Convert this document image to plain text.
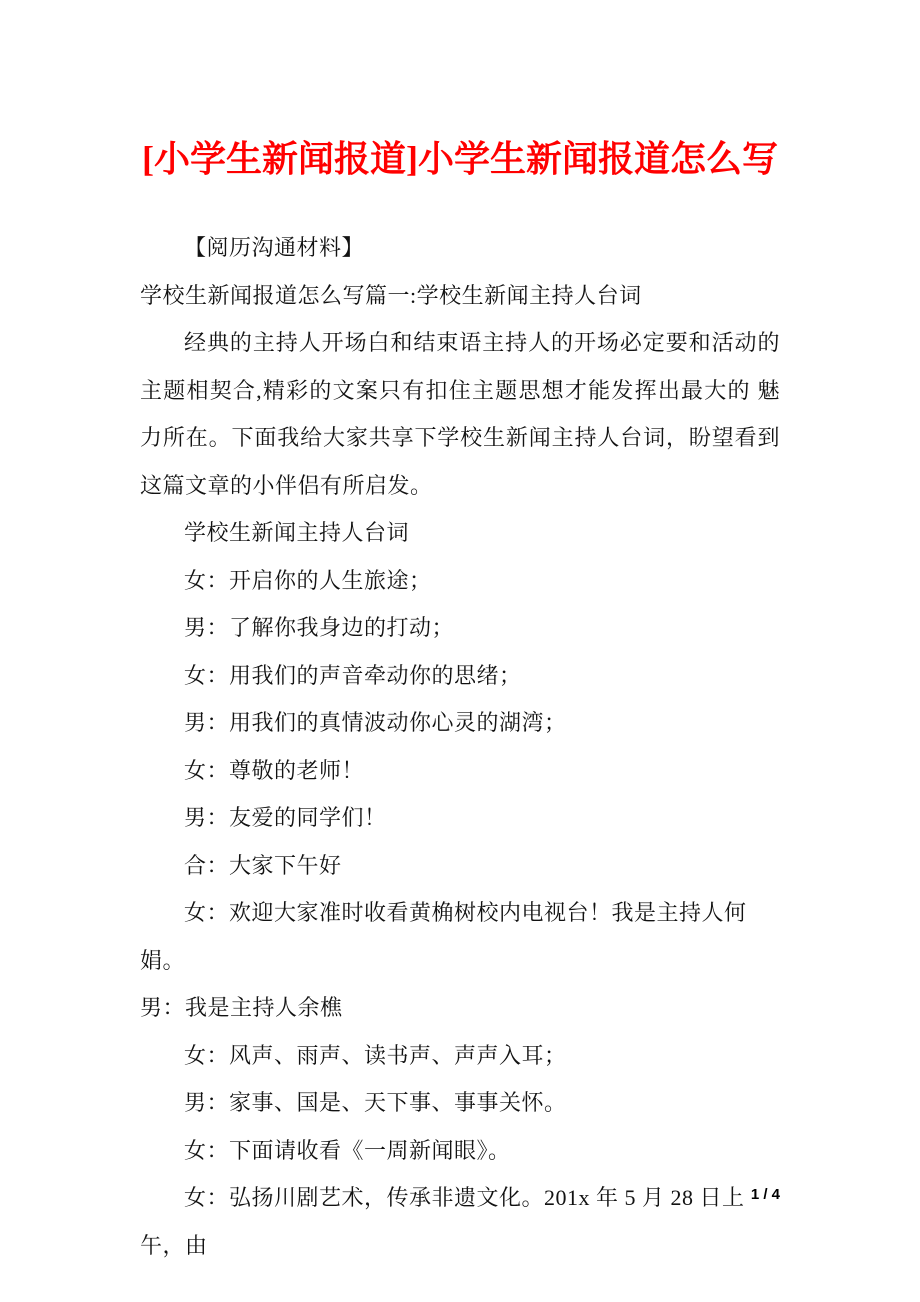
[小学生新闻报道]小学生新闻报道怎么写

【阅历沟通材料】

学校生新闻报道怎么写篇一:学校生新闻主持人台词

经典的主持人开场白和结束语主持人的开场必定要和活动的主题相契合,精彩的文案只有扣住主题思想才能发挥出最大的 魅力所在。下面我给大家共享下学校生新闻主持人台词，盼望看到这篇文章的小伴侣有所启发。

学校生新闻主持人台词

女：开启你的人生旅途；

男：了解你我身边的打动；

女：用我们的声音牵动你的思绪；

男：用我们的真情波动你心灵的湖湾；

女：尊敬的老师！

男：友爱的同学们！

合：大家下午好

女：欢迎大家准时收看黄桷树校内电视台！我是主持人何娟。

男：我是主持人余樵

女：风声、雨声、读书声、声声入耳；

男：家事、国是、天下事、事事关怀。

女：下面请收看《一周新闻眼》。

女：弘扬川剧艺术，传承非遗文化。201x 年 5 月 28 日上午，由

1 / 4
